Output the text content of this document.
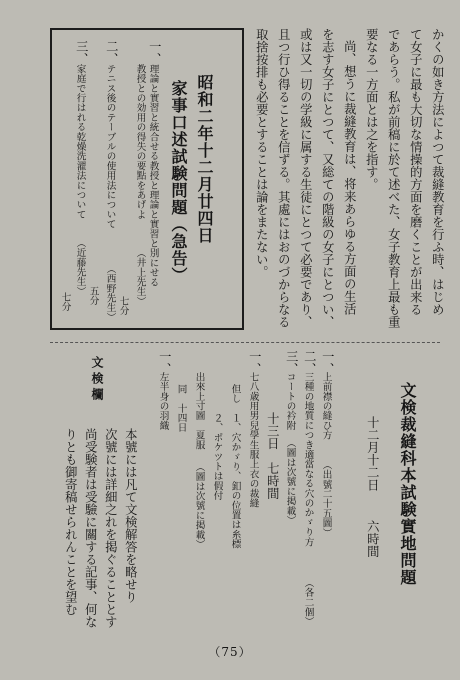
かくの如き方法によつて裁縫教育を行ふ時、はじめ
て女子に最も大切な情操的方面を磨くことが出来る
であらう。私が前稿に於て述べた、女子教育上最も重
要なる一方面とは之を指す。
尚、想うに裁縫教育は、将来あらゆる方面の生活
を志す女子にとつて、又総ての階級の女子にとつい、
或は又一切の学級に属する生徒にとつて必要であり、
且つ行ひ得ることを信ずる。其處にはおのづからなる
取捨按排も必要とすることは論をまたない。
昭和二年十二月廿四日
家事口述試験問題（急告）
一、
理論と實習と統合せる教授と理論と實習と別にせる
教授との効用の得失の要點をあげよ
（井上先生）
七分
二、
テニス後のテーブルの使用法について
（西野先生）
五分
三、
家庭で行はれる乾燥洗濯法について
（近藤先生）
七分
文検裁縫科本試験實地問題
十二月十二日
六時間
一、
上前襟の縫ひ方
（出號二十五圖）
二、
三種の地質につき適當なる穴のかゞり方
（各二個）
三、
コートの衿附
（圖は次號に掲載）
十三日　七時間
一、
七八歳用男兒學生服上衣の裁縫
但し　１、穴かゞり、釦の位置は糸標
　　　２、ポケツトは假付
出來上寸圖　夏服
（圖は次號に掲載）
同　十四日
一、
左半身の羽織
文検欄
本號には凡て文検解答を略せり
次號には詳細之れを掲ぐることとす
尚受験者は受驗に關する記事、何な
りとも御寄稿せられんことを望む
（75）
